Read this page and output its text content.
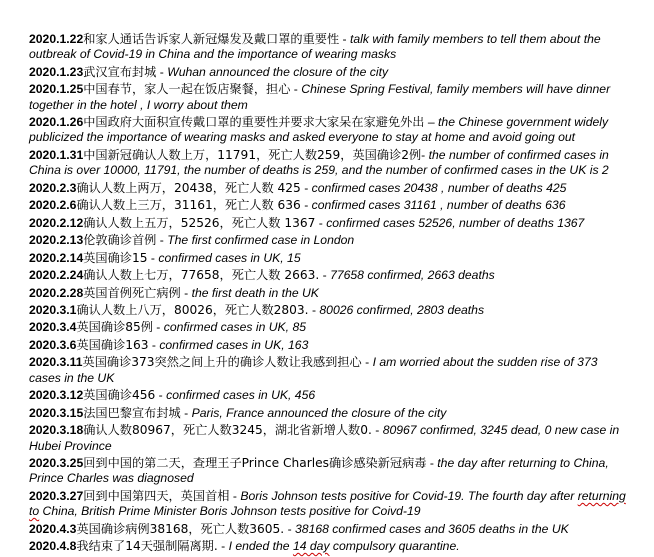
2020.1.22和家人通话告诉家人新冠爆发及戴口罩的重要性 - talk with family members to tell them about the outbreak of Covid-19 in China and the importance of wearing masks

2020.1.23武汉宣布封城 - Wuhan announced the closure of the city

2020.1.25中国春节，家人一起在饭店聚餐，担心 - Chinese Spring Festival, family members will have dinner together in the hotel , I worry about them

2020.1.26中国政府大面积宣传戴口罩的重要性并要求大家呆在家避免外出 – the Chinese government widely publicized the importance of wearing masks and asked everyone to stay at home and avoid going out

2020.1.31中国新冠确认人数上万，11791，死亡人数259，英国确诊2例- the number of confirmed cases in China is over 10000, 11791, the number of deaths is 259, and the number of confirmed cases in the UK is 2

2020.2.3确认人数上两万，20438，死亡人数 425 - confirmed cases 20438 , number of deaths 425

2020.2.6确认人数上三万，31161，死亡人数 636 - confirmed cases 31161 , number of deaths 636

2020.2.12确认人数上五万，52526，死亡人数 1367 - confirmed cases 52526, number of deaths 1367

2020.2.13伦敦确诊首例 - The first confirmed case in London

2020.2.14英国确诊15 - confirmed cases in UK, 15

2020.2.24确认人数上七万，77658，死亡人数 2663. - 77658 confirmed, 2663 deaths

2020.2.28英国首例死亡病例 - the first death in the UK

2020.3.1确认人数上八万，80026，死亡人数2803. - 80026 confirmed, 2803 deaths

2020.3.4英国确诊85例 - confirmed cases in UK, 85

2020.3.6英国确诊163 - confirmed cases in UK, 163

2020.3.11英国确诊373突然之间上升的确诊人数让我感到担心 - I am worried about the sudden rise of 373 cases in the UK

2020.3.12英国确诊456 - confirmed cases in UK, 456

2020.3.15法国巴黎宣布封城 - Paris, France announced the closure of the city

2020.3.18确认人数80967，死亡人数3245，湖北省新增人数0. - 80967 confirmed, 3245 dead, 0 new case in Hubei Province

2020.3.25回到中国的第二天，查理王子Prince Charles确诊感染新冠病毒 - the day after returning to China, Prince Charles was diagnosed

2020.3.27回到中国第四天，英国首相 - Boris Johnson tests positive for Covid-19. The fourth day after returning to China, British Prime Minister Boris Johnson tests positive for Coivd-19

2020.4.3英国确诊病例38168，死亡人数3605. - 38168 confirmed cases and 3605 deaths in the UK

2020.4.8我结束了14天强制隔离期. - I ended the 14 day compulsory quarantine.
